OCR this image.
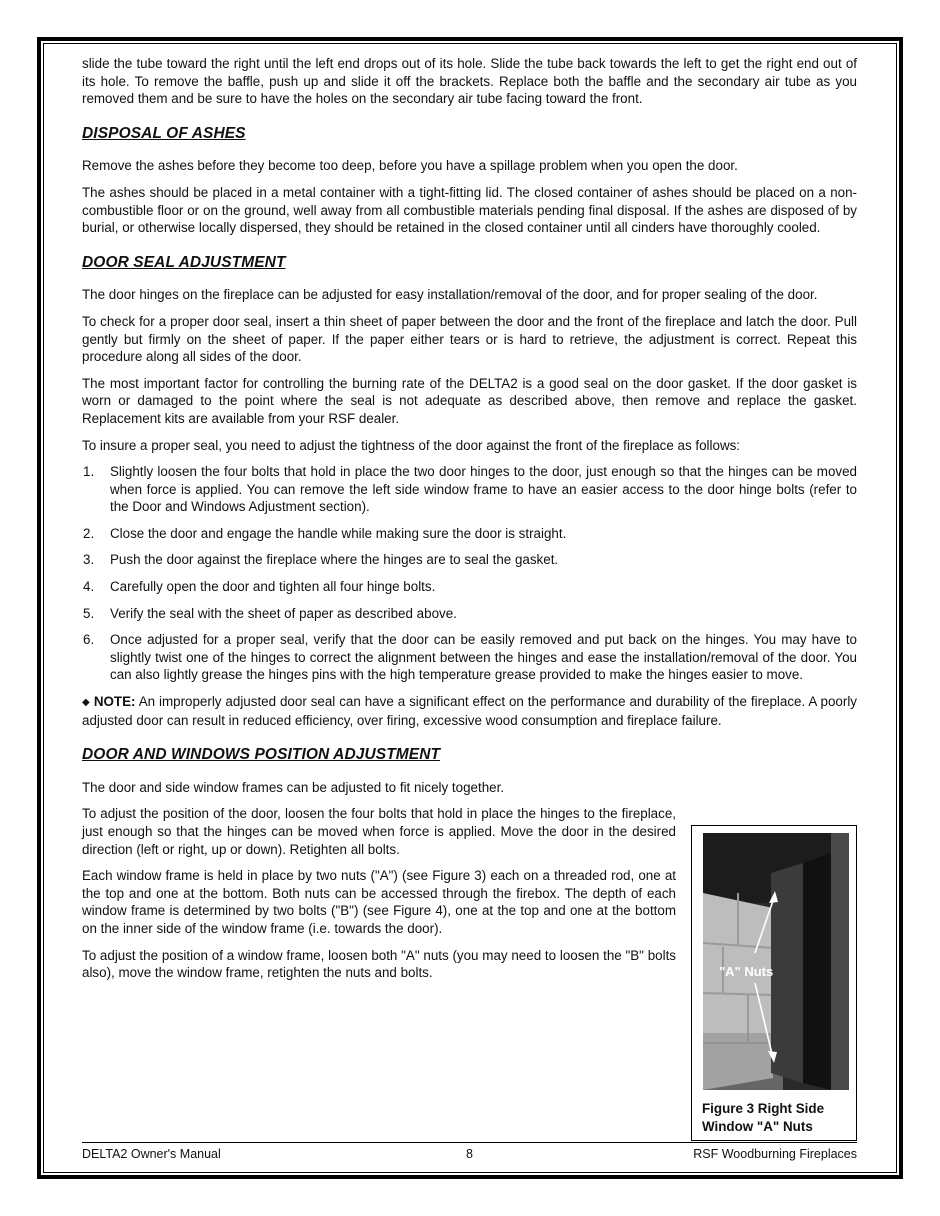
slide the tube toward the right until the left end drops out of its hole. Slide the tube back towards the left to get the right end out of its hole. To remove the baffle, push up and slide it off the brackets. Replace both the baffle and the secondary air tube as you removed them and be sure to have the holes on the secondary air tube facing toward the front.

DISPOSAL OF ASHES

Remove the ashes before they become too deep, before you have a spillage problem when you open the door.

The ashes should be placed in a metal container with a tight-fitting lid. The closed container of ashes should be placed on a non-combustible floor or on the ground, well away from all combustible materials pending final disposal. If the ashes are disposed of by burial, or otherwise locally dispersed, they should be retained in the closed container until all cinders have thoroughly cooled.

DOOR SEAL ADJUSTMENT

The door hinges on the fireplace can be adjusted for easy installation/removal of the door, and for proper sealing of the door.

To check for a proper door seal, insert a thin sheet of paper between the door and the front of the fireplace and latch the door. Pull gently but firmly on the sheet of paper. If the paper either tears or is hard to retrieve, the adjustment is correct. Repeat this procedure along all sides of the door.

The most important factor for controlling the burning rate of the DELTA2 is a good seal on the door gasket. If the door gasket is worn or damaged to the point where the seal is not adequate as described above, then remove and replace the gasket. Replacement kits are available from your RSF dealer.

To insure a proper seal, you need to adjust the tightness of the door against the front of the fireplace as follows:

1. Slightly loosen the four bolts that hold in place the two door hinges to the door, just enough so that the hinges can be moved when force is applied. You can remove the left side window frame to have an easier access to the door hinge bolts (refer to the Door and Windows Adjustment section).
2. Close the door and engage the handle while making sure the door is straight.
3. Push the door against the fireplace where the hinges are to seal the gasket.
4. Carefully open the door and tighten all four hinge bolts.
5. Verify the seal with the sheet of paper as described above.
6. Once adjusted for a proper seal, verify that the door can be easily removed and put back on the hinges. You may have to slightly twist one of the hinges to correct the alignment between the hinges and ease the installation/removal of the door. You can also lightly grease the hinges pins with the high temperature grease provided to make the hinges easier to move.

◆ NOTE: An improperly adjusted door seal can have a significant effect on the performance and durability of the fireplace. A poorly adjusted door can result in reduced efficiency, over firing, excessive wood consumption and fireplace failure.

DOOR AND WINDOWS POSITION ADJUSTMENT

The door and side window frames can be adjusted to fit nicely together.

To adjust the position of the door, loosen the four bolts that hold in place the hinges to the fireplace, just enough so that the hinges can be moved when force is applied. Move the door in the desired direction (left or right, up or down). Retighten all bolts.

Each window frame is held in place by two nuts ("A") (see Figure 3) each on a threaded rod, one at the top and one at the bottom. Both nuts can be accessed through the firebox. The depth of each window frame is determined by two bolts ("B") (see Figure 4), one at the top and one at the bottom on the inner side of the window frame (i.e. towards the door).

To adjust the position of a window frame, loosen both "A" nuts (you may need to loosen the "B" bolts also), move the window frame, retighten the nuts and bolts.	"A" Nuts
Figure 3 Right Side Window "A" Nuts
DELTA2 Owner's Manual	8	RSF Woodburning Fireplaces
